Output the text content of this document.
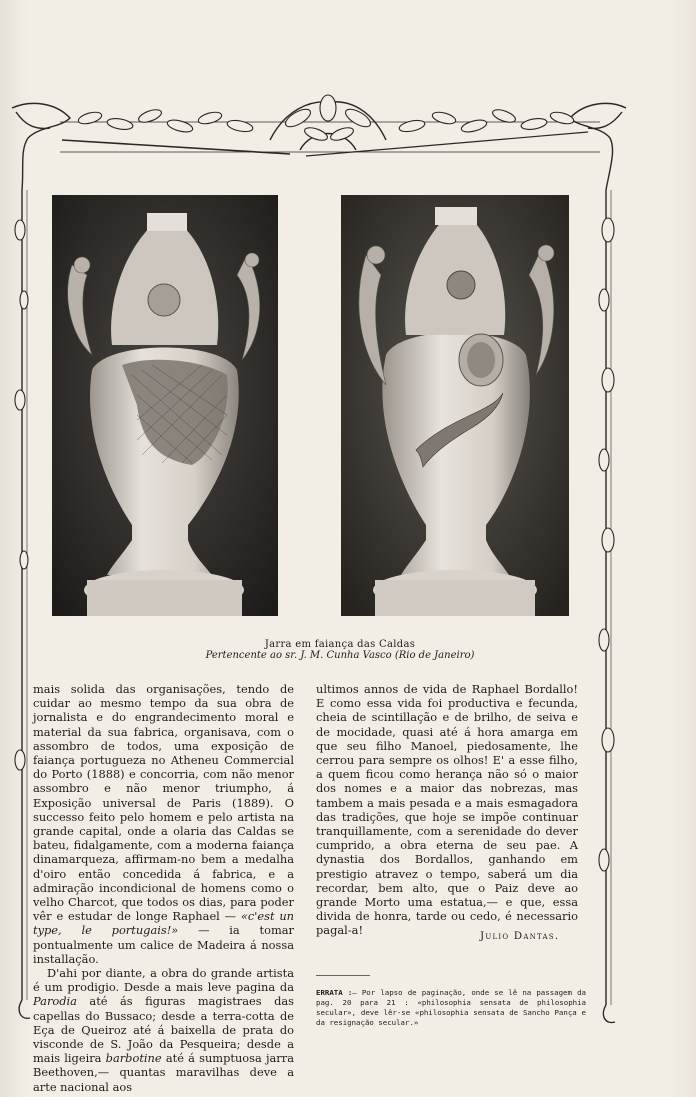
Jarra em faiança das Caldas
Pertencente ao sr. J. M. Cunha Vasco (Rio de Janeiro)

mais solida das organisações, tendo de cuidar ao mesmo tempo da sua obra de jornalista e do engrandecimento moral e material da sua fabrica, organisava, com o assombro de todos, uma exposição de faiança portugueza no Atheneu Commercial do Porto (1888) e concorria, com não menor assombro e não menor triumpho, á Exposição universal de Paris (1889). O successo feito pelo homem e pelo artista na grande capital, onde a olaria das Caldas se bateu, fidalgamente, com a moderna faiança dinamarqueza, affirmam-no bem a medalha d'oiro então concedida á fabrica, e a admiração incondicional de homens como o velho Charcot, que todos os dias, para poder vêr e estudar de longe Raphael — «c'est un type, le portugais!» — ia tomar pontualmente um calice de Madeira á nossa installação.

D'ahi por diante, a obra do grande artista é um prodigio. Desde a mais leve pagina da Parodia até ás figuras magistraes das capellas do Bussaco; desde a terra-cotta de Eça de Queiroz até á baixella de prata do visconde de S. João da Pesqueira; desde a mais ligeira barbotine até á sumptuosa jarra Beethoven,— quantas maravilhas deve a arte nacional aos

ultimos annos de vida de Raphael Bordallo! E como essa vida foi productiva e fecunda, cheia de scintillação e de brilho, de seiva e de mocidade, quasi até á hora amarga em que seu filho Manoel, piedosamente, lhe cerrou para sempre os olhos! E' a esse filho, a quem ficou como herança não só o maior dos nomes e a maior das nobrezas, mas tambem a mais pesada e a mais esmagadora das tradições, que hoje se impõe continuar tranquillamente, com a serenidade do dever cumprido, a obra eterna de seu pae. A dynastia dos Bordallos, ganhando em prestigio atravez o tempo, saberá um dia recordar, bem alto, que o Paiz deve ao grande Morto uma estatua,— e que, essa divida de honra, tarde ou cedo, é necessario pagal-a!	Julio Dantas.
ERRATA :— Por lapso de paginação, onde se lê na passagem da pag. 20 para 21 : «philosophia sensata de philosophia secular», deve lêr-se «philosophia sensata de Sancho Pança e da resignação secular.»
